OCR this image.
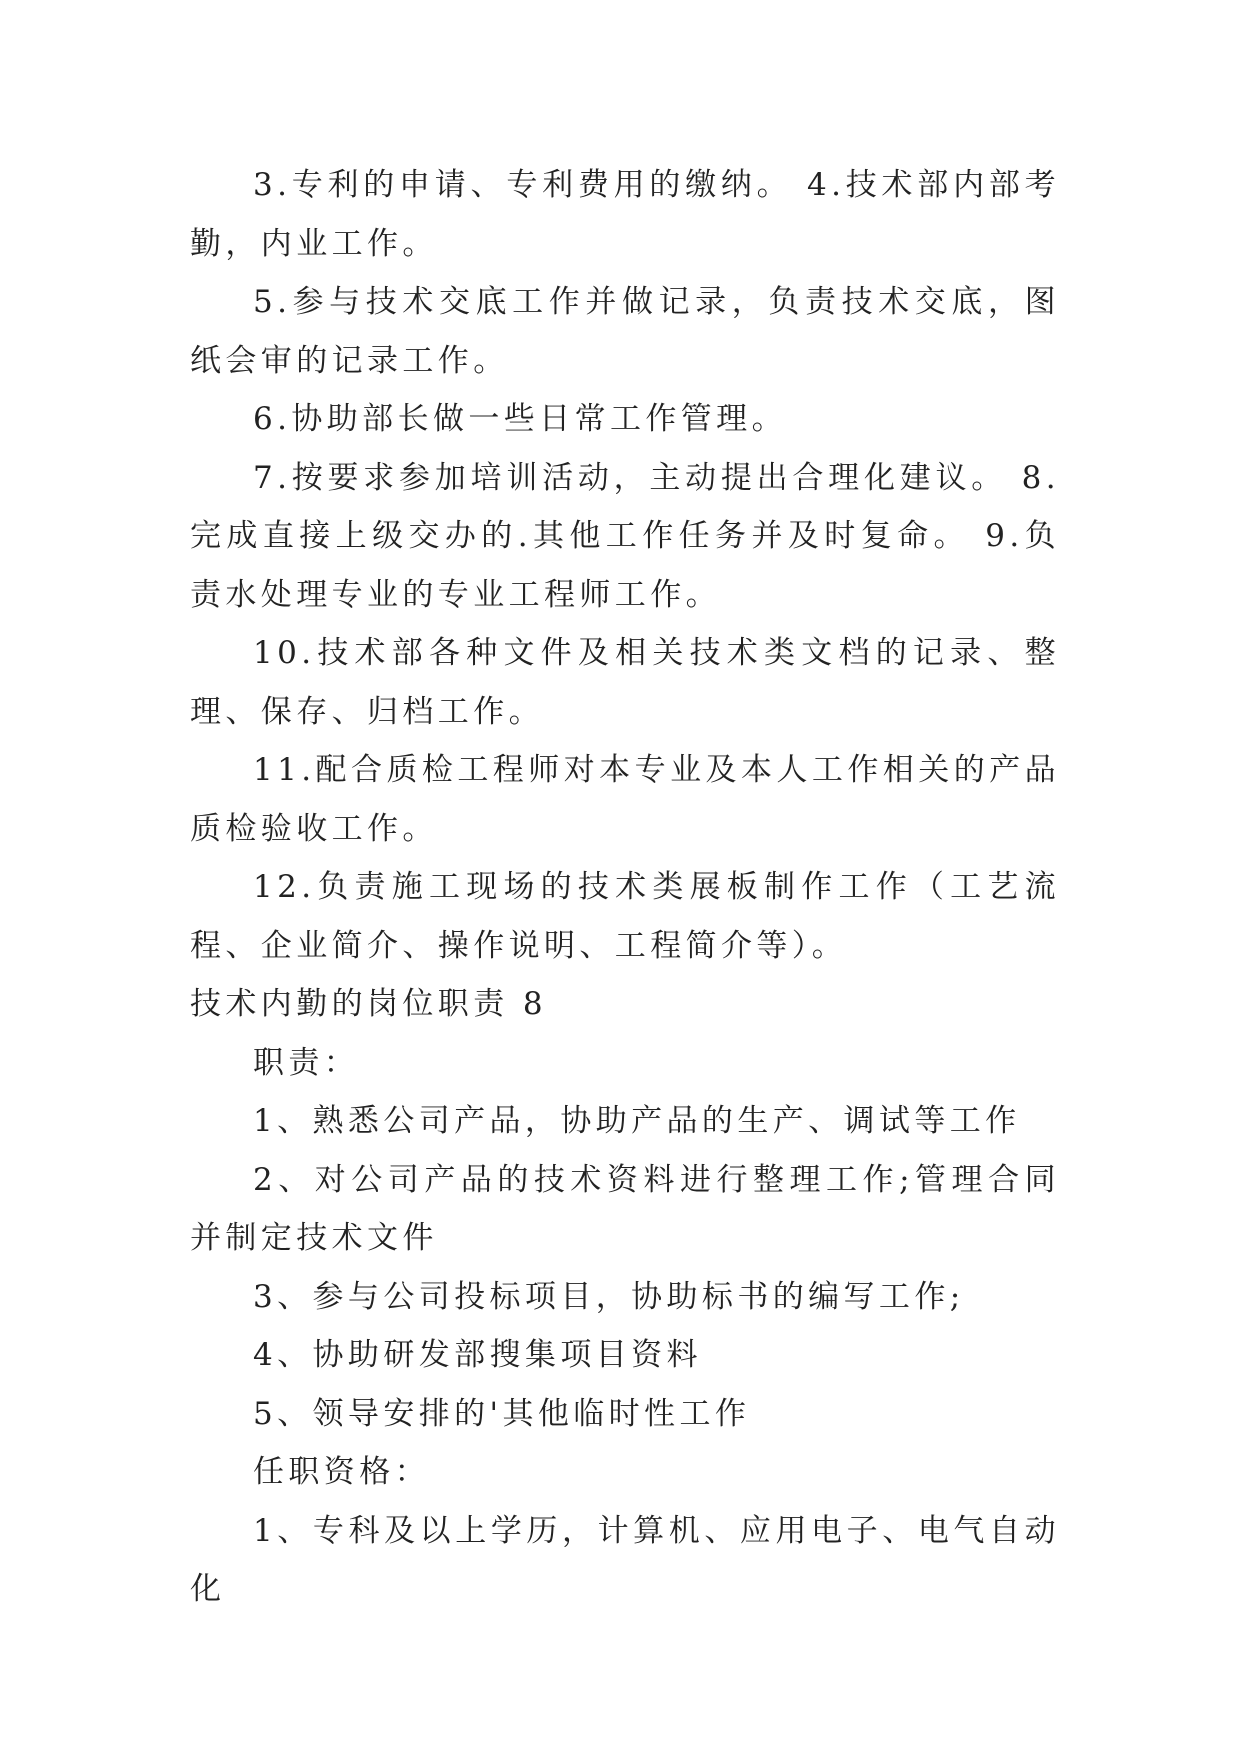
3.专利的申请、专利费用的缴纳。 4.技术部内部考勤，内业工作。

5.参与技术交底工作并做记录，负责技术交底，图纸会审的记录工作。

6.协助部长做一些日常工作管理。

7.按要求参加培训活动，主动提出合理化建议。 8.完成直接上级交办的.其他工作任务并及时复命。 9.负责水处理专业的专业工程师工作。

10.技术部各种文件及相关技术类文档的记录、整理、保存、归档工作。

11.配合质检工程师对本专业及本人工作相关的产品质检验收工作。

12.负责施工现场的技术类展板制作工作（工艺流程、企业简介、操作说明、工程简介等）。

技术内勤的岗位职责 8

职责：

1、熟悉公司产品，协助产品的生产、调试等工作

2、对公司产品的技术资料进行整理工作;管理合同并制定技术文件

3、参与公司投标项目，协助标书的编写工作;

4、协助研发部搜集项目资料

5、领导安排的'其他临时性工作

任职资格：

1、专科及以上学历，计算机、应用电子、电气自动化
